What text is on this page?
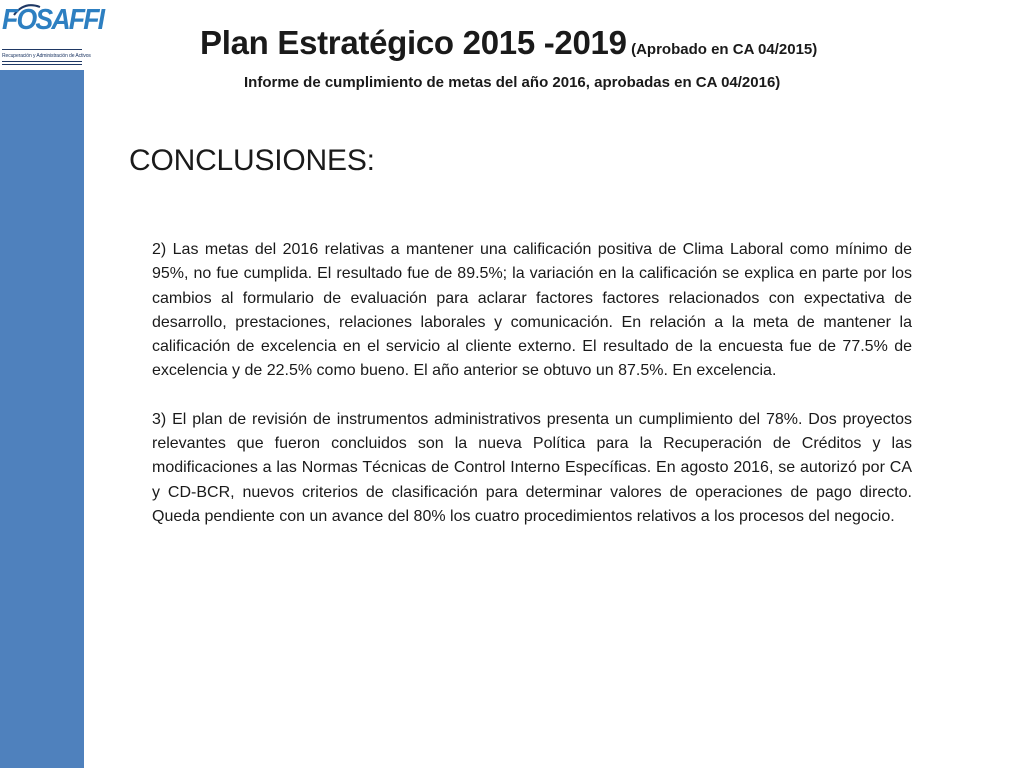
FOSAFFI
Recuperación y Administración de Activos	Plan Estratégico 2015 -2019 (Aprobado en CA 04/2015)
Informe de cumplimiento de metas del año 2016, aprobadas en CA 04/2016)
CONCLUSIONES:

2) Las metas del 2016 relativas a mantener una calificación positiva de Clima Laboral como mínimo de 95%, no fue cumplida. El resultado fue de 89.5%; la variación en la calificación se explica en parte por los cambios al formulario de evaluación para aclarar factores factores relacionados con expectativa de desarrollo, prestaciones, relaciones laborales y comunicación. En relación a la meta de mantener la calificación de excelencia en el servicio al cliente externo. El resultado de la encuesta fue de 77.5% de excelencia y de 22.5% como bueno. El año anterior se obtuvo un 87.5%. En excelencia.

3) El plan de revisión de instrumentos administrativos presenta un cumplimiento del 78%. Dos proyectos relevantes que fueron concluidos son la nueva Política para la Recuperación de Créditos y las modificaciones a las Normas Técnicas de Control Interno Específicas. En agosto 2016, se autorizó por CA y CD-BCR, nuevos criterios de clasificación para determinar valores de operaciones de pago directo. Queda pendiente con un avance del 80% los cuatro procedimientos relativos a los procesos del negocio.
